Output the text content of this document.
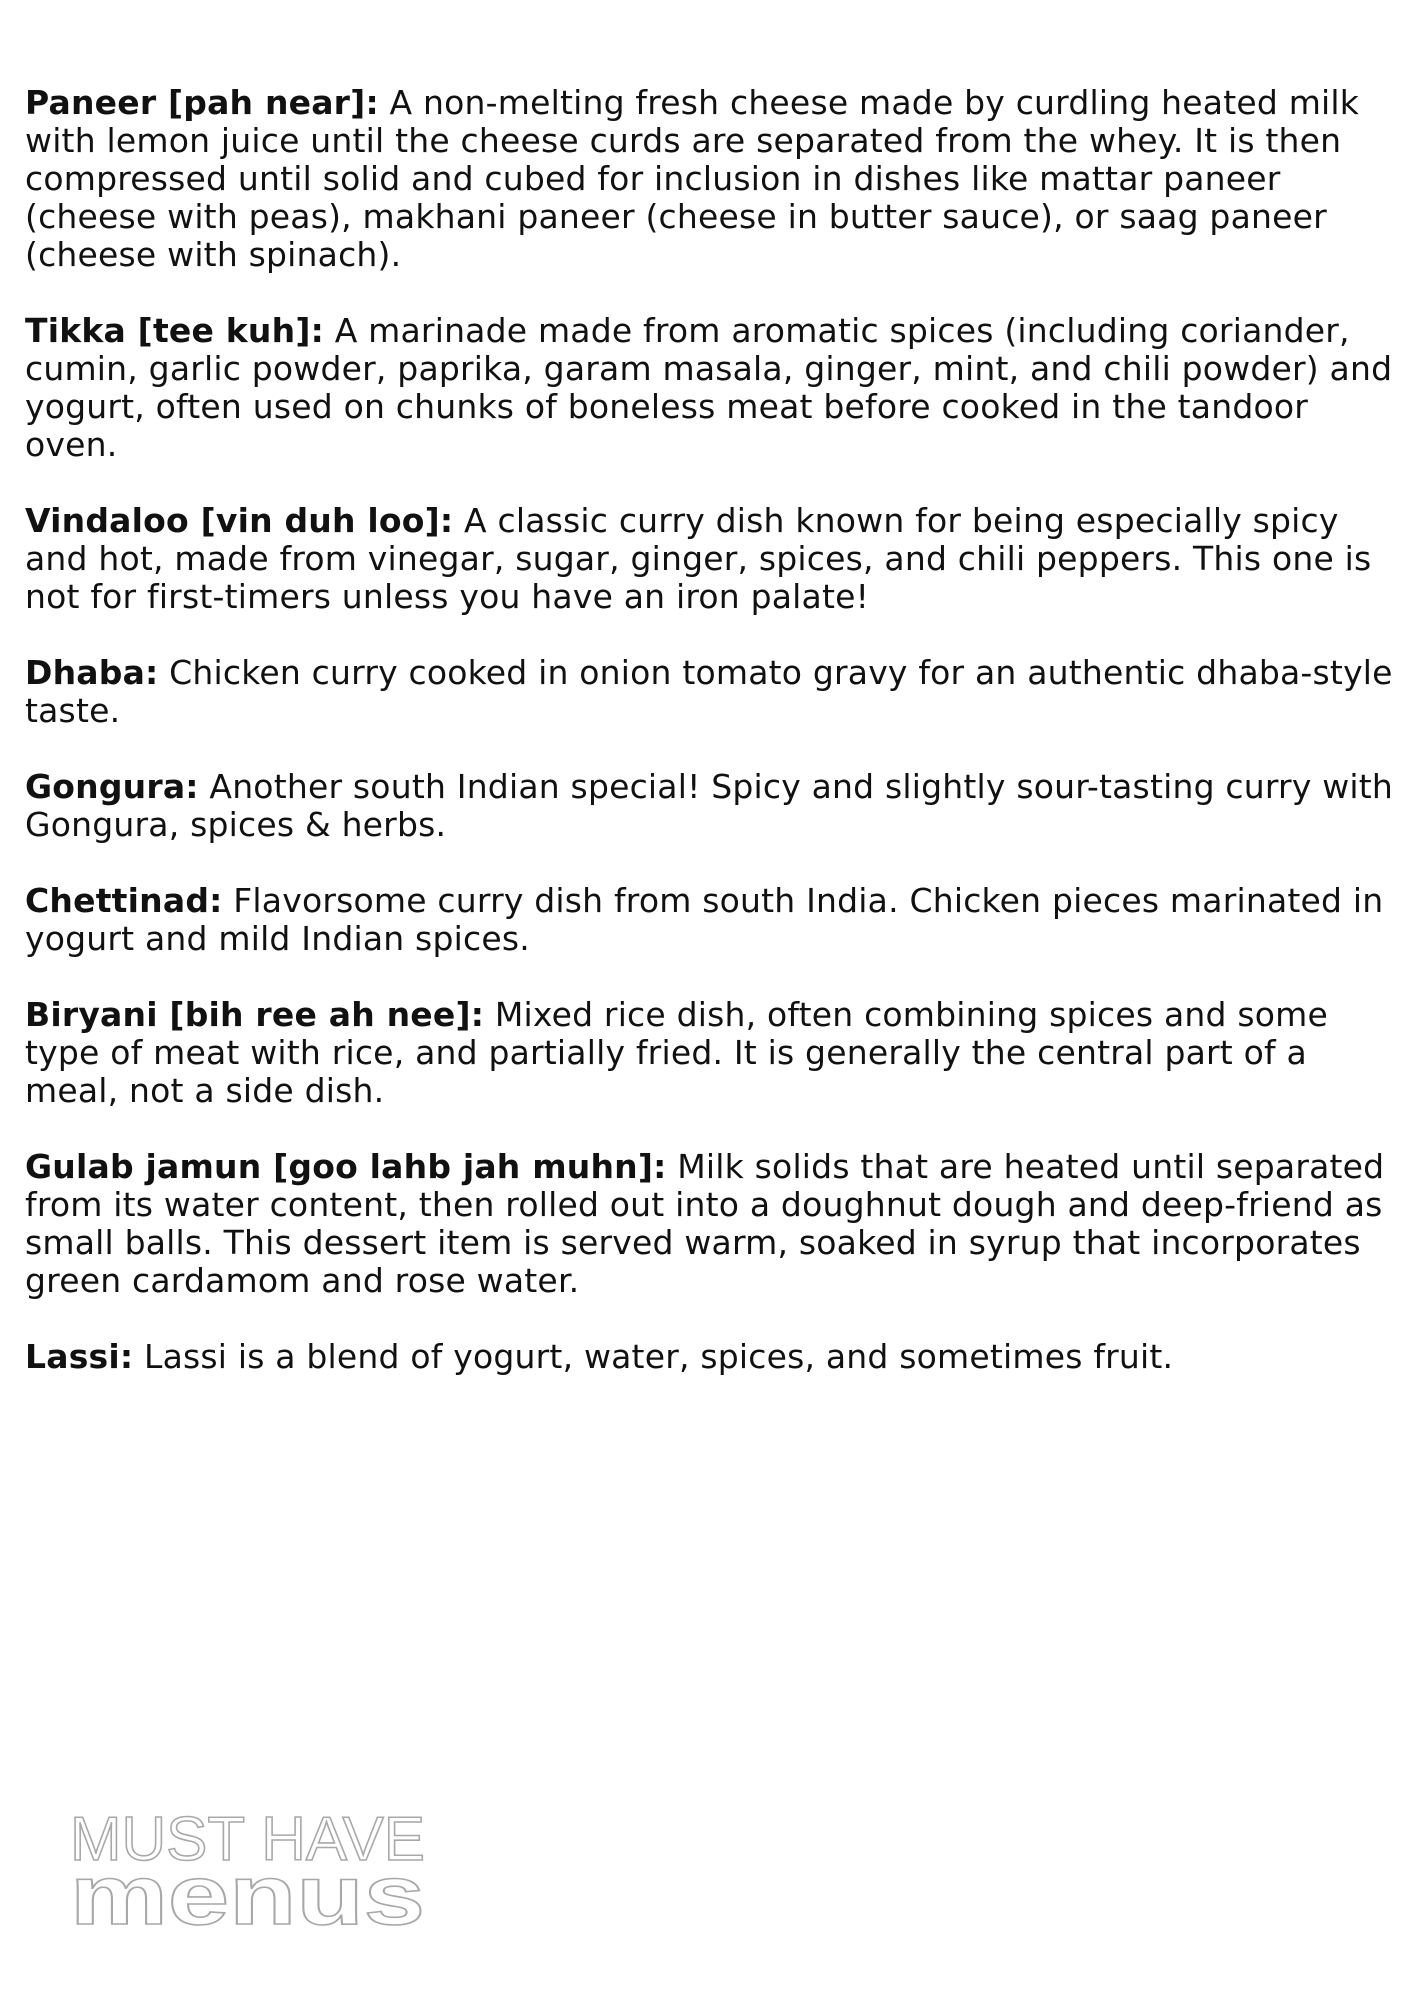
Paneer [pah near]: A non-melting fresh cheese made by curdling heated milk with lemon juice until the cheese curds are separated from the whey. It is then compressed until solid and cubed for inclusion in dishes like mattar paneer (cheese with peas), makhani paneer (cheese in butter sauce), or saag paneer (cheese with spinach).

Tikka [tee kuh]: A marinade made from aromatic spices (including coriander, cumin, garlic powder, paprika, garam masala, ginger, mint, and chili powder) and yogurt, often used on chunks of boneless meat before cooked in the tandoor oven.

Vindaloo [vin duh loo]: A classic curry dish known for being especially spicy and hot, made from vinegar, sugar, ginger, spices, and chili peppers. This one is not for first-timers unless you have an iron palate!

Dhaba: Chicken curry cooked in onion tomato gravy for an authentic dhaba-style taste.

Gongura: Another south Indian special! Spicy and slightly sour-tasting curry with Gongura, spices & herbs.

Chettinad: Flavorsome curry dish from south India. Chicken pieces marinated in yogurt and mild Indian spices.

Biryani [bih ree ah nee]: Mixed rice dish, often combining spices and some type of meat with rice, and partially fried. It is generally the central part of a meal, not a side dish.

Gulab jamun [goo lahb jah muhn]: Milk solids that are heated until separated from its water content, then rolled out into a doughnut dough and deep-friend as small balls. This dessert item is served warm, soaked in syrup that incorporates green cardamom and rose water.

Lassi: Lassi is a blend of yogurt, water, spices, and sometimes fruit.

MUST HAVE
menus
